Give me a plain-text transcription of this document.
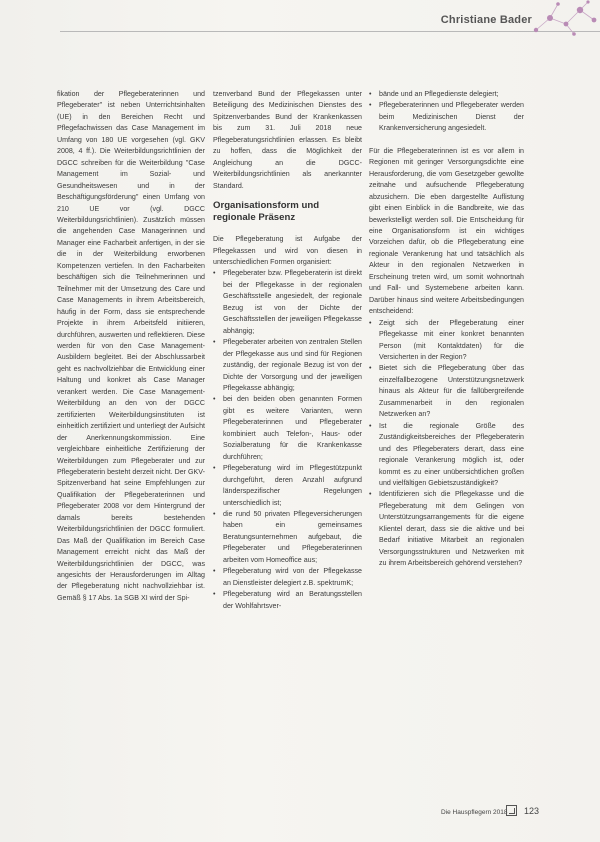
Christiane Bader

fikation der Pflegeberaterinnen und Pflegeberater" ist neben Unterrichtsinhalten (UE) in den Bereichen Recht und Pflegefachwissen das Case Management im Umfang von 180 UE vorgesehen (vgl. GKV 2008, 4 ff.). Die Weiterbildungsrichtlinien der DGCC schreiben für die Weiterbildung "Case Management im Sozial- und Gesundheitswesen und in der Beschäftigungsförderung" einen Umfang von 210 UE vor (vgl. DGCC Weiterbildungsrichtlinien). Zusätzlich müssen die angehenden Case Managerinnen und Manager eine Facharbeit anfertigen, in der sie die in der Weiterbildung erworbenen Kompetenzen vertiefen. In den Facharbeiten beschäftigen sich die Teilnehmerinnen und Teilnehmer mit der Umsetzung des Care und Case Managements in ihrem Arbeitsbereich, häufig in der Form, dass sie entsprechende Projekte in ihrem Arbeitsfeld initiieren, durchführen, auswerten und reflektieren. Diese werden für von den Case Management-Ausbildern begleitet. Bei der Abschlussarbeit geht es nachvollziehbar die Entwicklung einer Haltung und konkret als Case Manager verankert werden. Die Case Management-Weiterbildung an den von der DGCC zertifizierten Weiterbildungsinstituten ist einheitlich zertifiziert und unterliegt der Aufsicht der Anerkennungskommission. Eine vergleichbare einheitliche Zertifizierung der Weiterbildungen zum Pflegeberater und zur Pflegeberaterin besteht derzeit nicht. Der GKV-Spitzenverband hat seine Empfehlungen zur Qualifikation der Pflegeberaterinnen und Pflegeberater 2008 vor dem Hintergrund der damals bereits bestehenden Weiterbildungsrichtlinien der DGCC formuliert. Das Maß der Qualifikation im Bereich Case Management erreicht nicht das Maß der Weiterbildungsrichtlinien der DGCC, was angesichts der Herausforderungen im Alltag der Pflegeberatung nicht nachvollziehbar ist. Gemäß § 17 Abs. 1a SGB XI wird der Spi-

tzenverband Bund der Pflegekassen unter Beteiligung des Medizinischen Dienstes des Spitzenverbandes Bund der Krankenkassen bis zum 31. Juli 2018 neue Pflegeberatungsrichtlinien erlassen. Es bleibt zu hoffen, dass die Möglichkeit der Angleichung an die DGCC-Weiterbildungsrichtlinien als anerkannter Standard.

Organisationsform und regionale Präsenz

Die Pflegeberatung ist Aufgabe der Pflegekassen und wird von diesen in unterschiedlichen Formen organisiert:

• Pflegeberater bzw. Pflegeberaterin ist direkt bei der Pflegekasse in der regionalen Geschäftsstelle angesiedelt, der regionale Bezug ist von der Dichte der Geschäftsstellen der jeweiligen Pflegekasse abhängig;
• Pflegeberater arbeiten von zentralen Stellen der Pflegekasse aus und sind für Regionen zuständig, der regionale Bezug ist von der Dichte der Vorsorgung und der jeweiligen Pflegekasse abhängig;
• bei den beiden oben genannten Formen gibt es weitere Varianten, wenn Pflegeberaterinnen und Pflegeberater kombiniert auch Telefon-, Haus- oder Sozialberatung für die Krankenkasse durchführen;
• Pflegeberatung wird im Pflegestützpunkt durchgeführt, deren Anzahl aufgrund länderspezifischer Regelungen unterschiedlich ist;
• die rund 50 privaten Pflegeversicherungen haben ein gemeinsames Beratungsunternehmen aufgebaut, die Pflegeberater und Pflegeberaterinnen arbeiten vom Homeoffice aus;
• Pflegeberatung wird von der Pflegekasse an Dienstleister delegiert z.B. spektrumK;
• Pflegeberatung wird an Beratungsstellen der Wohlfahrtsver-
• bände und an Pflegedienste delegiert;
• Pflegeberaterinnen und Pflegeberater werden beim Medizinischen Dienst der Krankenversicherung angesiedelt.

Für die Pflegeberaterinnen ist es vor allem in Regionen mit geringer Versorgungsdichte eine Herausforderung, die vom Gesetzgeber gewollte zeitnahe und aufsuchende Pflegeberatung abzusichern. Die eben dargestellte Auflistung gibt einen Einblick in die Bandbreite, wie das bewerkstelligt werden soll. Die Entscheidung für eine Organisationsform ist ein wichtiges Vorzeichen dafür, ob die Pflegeberatung eine regionale Verankerung hat und tatsächlich als Akteur in den regionalen Netzwerken in Erscheinung treten wird, um somit wohnortnah und Fall- und Systemebene arbeiten kann. Darüber hinaus sind weitere Arbeitsbedingungen entscheidend:

• Zeigt sich der Pflegeberatung einer Pflegekasse mit einer konkret benannten Person (mit Kontaktdaten) für die Versicherten in der Region?
• Bietet sich die Pflegeberatung über das einzelfallbezogene Unterstützungsnetzwerk hinaus als Akteur für die fallübergreifende Zusammenarbeit in den regionalen Netzwerken an?
• Ist die regionale Größe des Zuständigkeitsbereiches der Pflegeberaterin und des Pflegeberaters derart, dass eine regionale Verankerung möglich ist, oder kommt es zu einer unübersichtlichen großen und vielfältigen Gebietszuständigkeit?
• Identifizieren sich die Pflegekasse und die Pflegeberatung mit dem Gelingen von Unterstützungsarrangements für die eigene Klientel derart, dass sie die aktive und bei Bedarf initiative Mitarbeit an regionalen Versorgungsstrukturen und Netzwerken mit zu ihrem Arbeitsbereich gehörend verstehen?
Die Hauspflegern 2018 123
